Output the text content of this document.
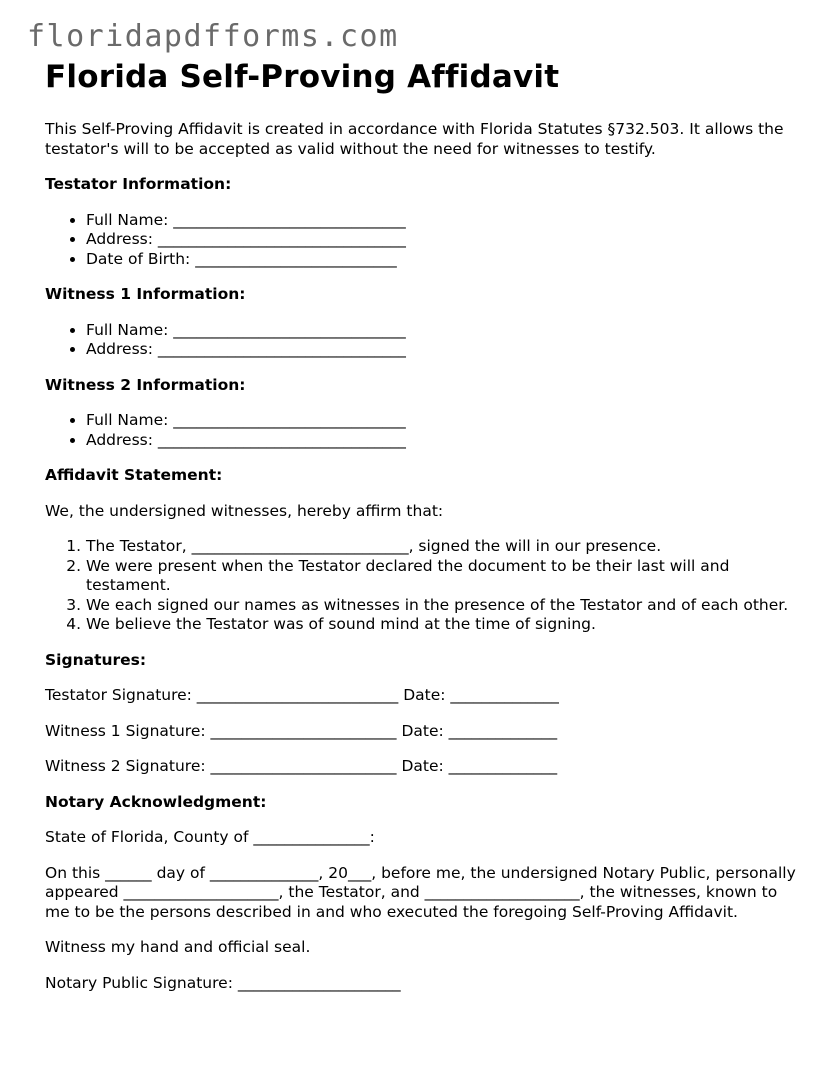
floridapdfforms.com
Florida Self-Proving Affidavit

This Self-Proving Affidavit is created in accordance with Florida Statutes §732.503. It allows the testator's will to be accepted as valid without the need for witnesses to testify.

Testator Information:
• Full Name: ______________________________
• Address: ________________________________
• Date of Birth: __________________________
Witness 1 Information:
• Full Name: ______________________________
• Address: ________________________________
Witness 2 Information:
• Full Name: ______________________________
• Address: ________________________________
Affidavit Statement:

We, the undersigned witnesses, hereby affirm that:

1. The Testator, ____________________________, signed the will in our presence.
2. We were present when the Testator declared the document to be their last will and testament.
3. We each signed our names as witnesses in the presence of the Testator and of each other.
4. We believe the Testator was of sound mind at the time of signing.
Signatures:

Testator Signature: __________________________ Date: ______________

Witness 1 Signature: ________________________ Date: ______________

Witness 2 Signature: ________________________ Date: ______________

Notary Acknowledgment:

State of Florida, County of _______________:

On this ______ day of ______________, 20___, before me, the undersigned Notary Public, personally appeared ____________________, the Testator, and ____________________, the witnesses, known to me to be the persons described in and who executed the foregoing Self-Proving Affidavit.

Witness my hand and official seal.

Notary Public Signature: _____________________
